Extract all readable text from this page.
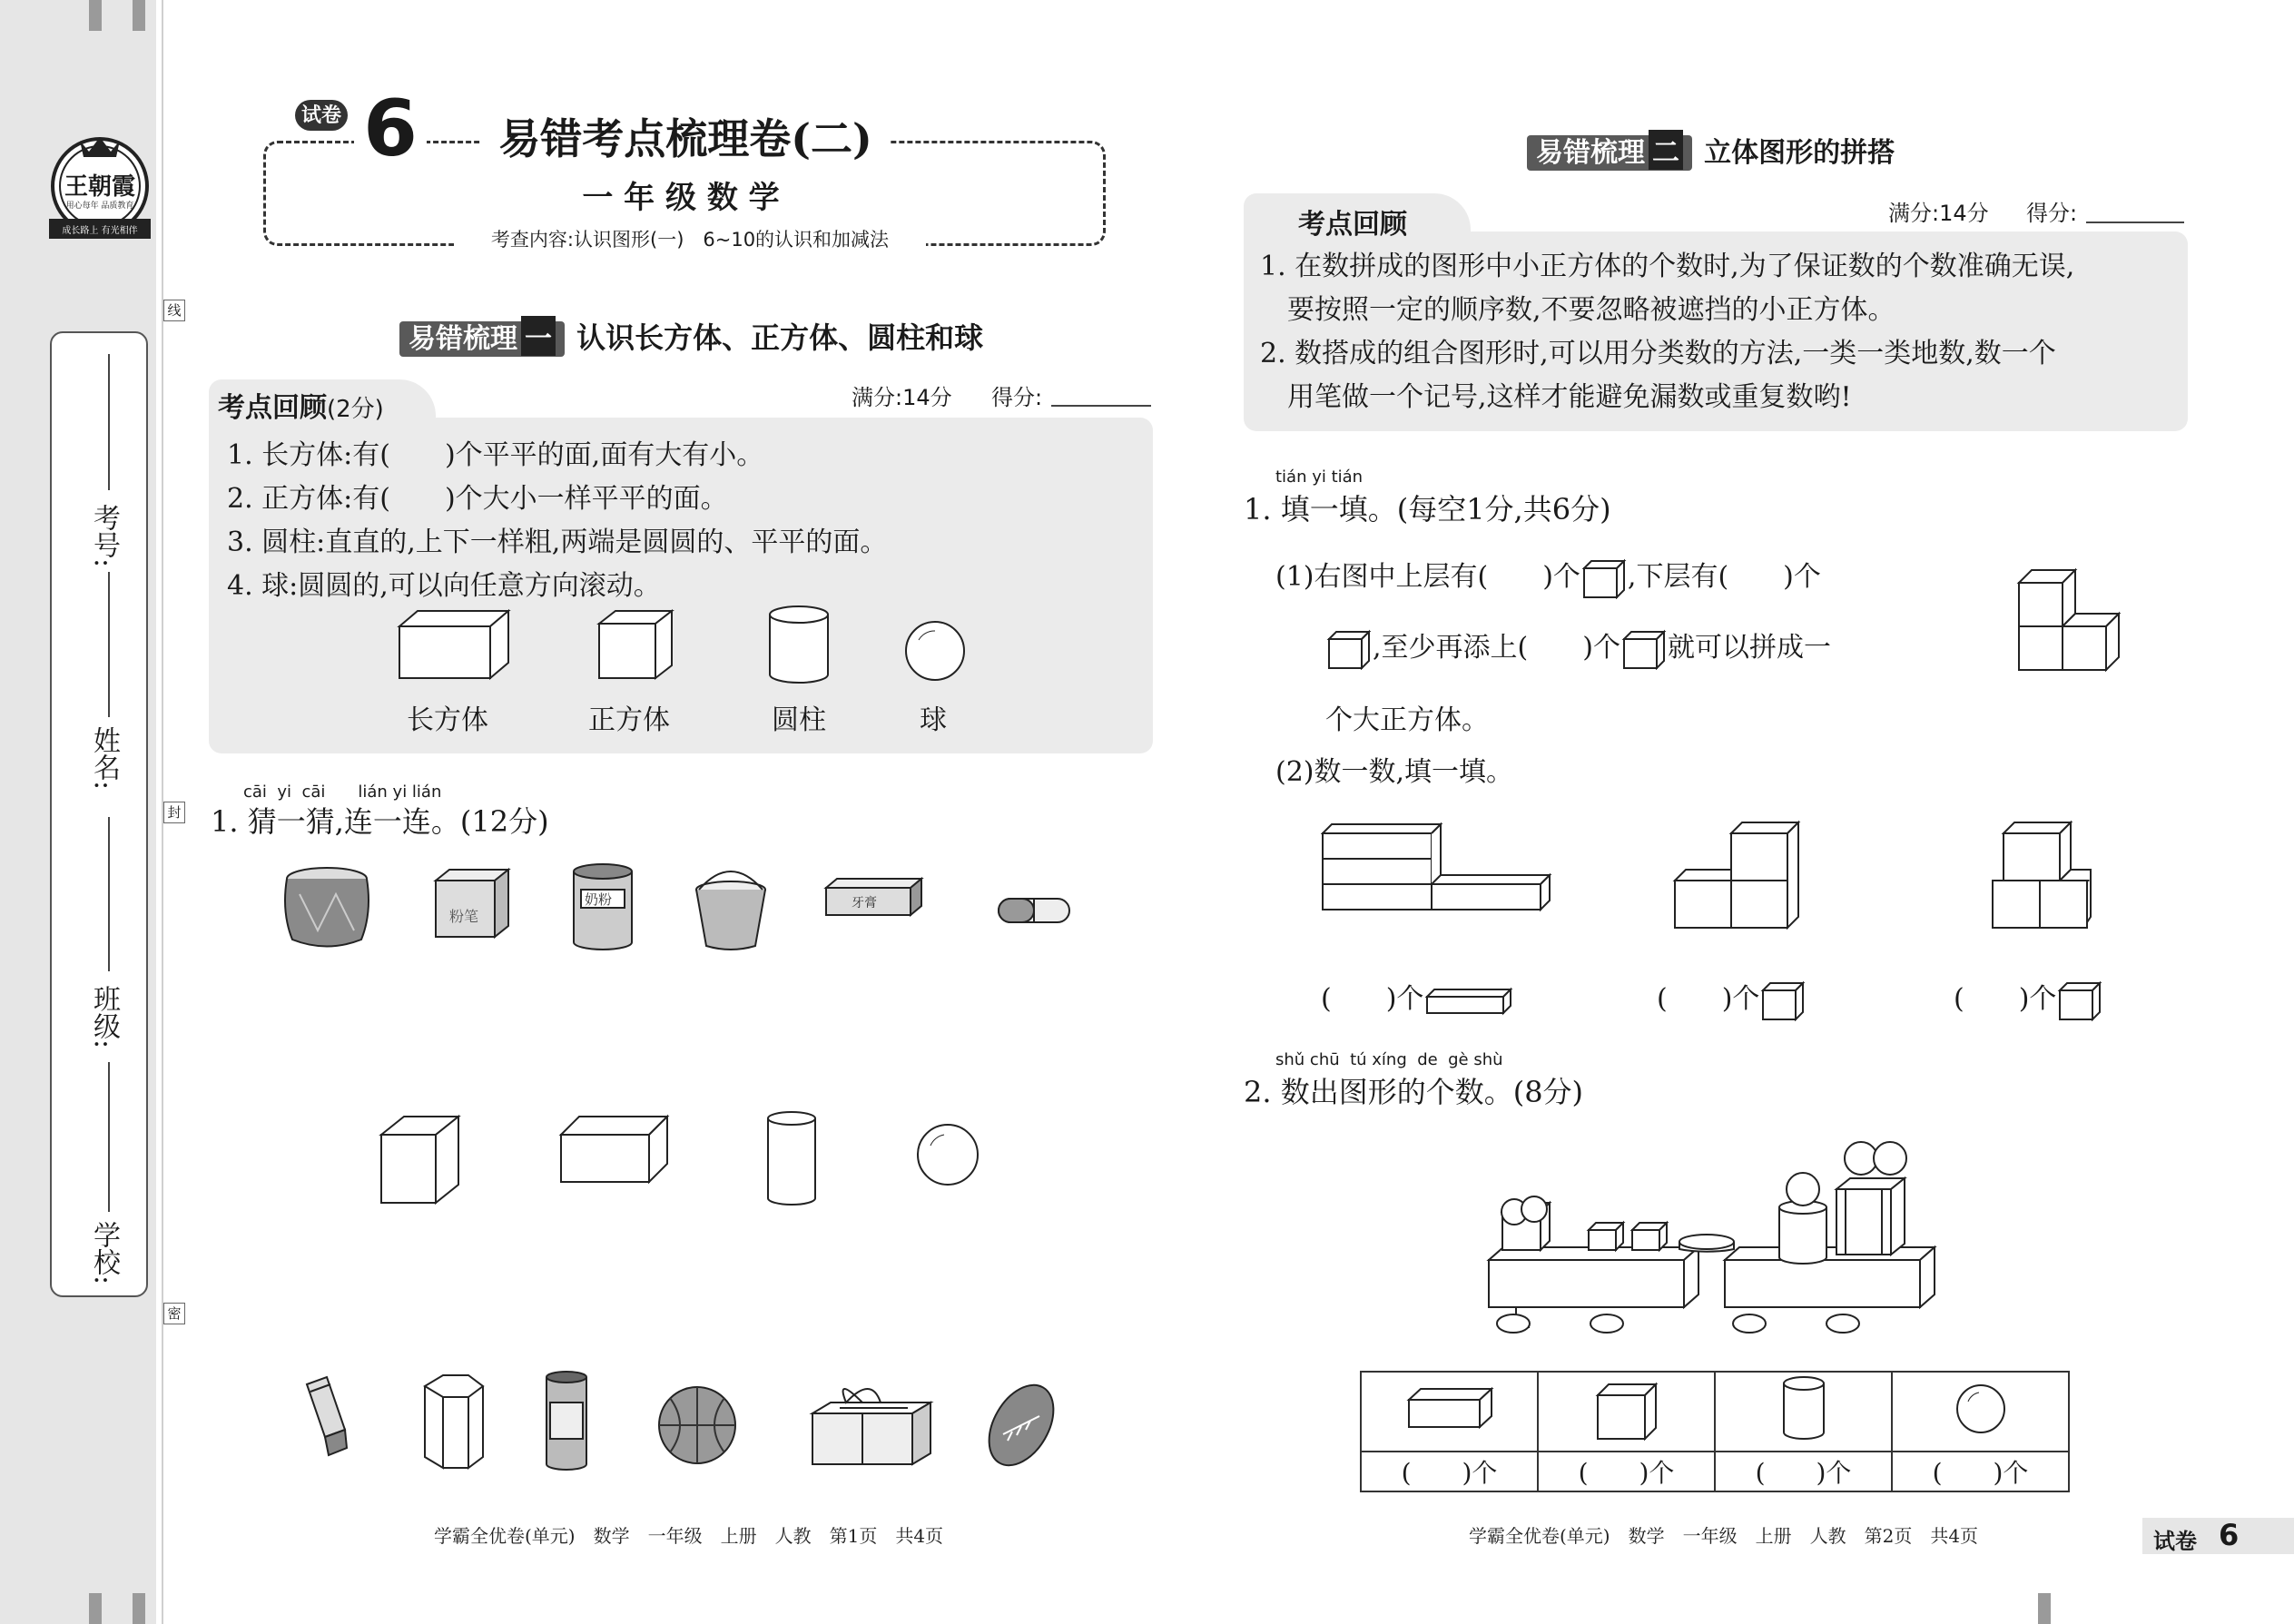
王朝霞
用心每年 品质教育
成长路上 有光相伴
考号:
姓名:
班级:
学校:
线
封
密
试卷 6	易错考点梳理卷(二)
一 年 级 数 学
考查内容:认识图形(一)　6~10的认识和加减法
易错梳理 一 认识长方体、正方体、圆柱和球
考点回顾(2分)	满分:14分 得分:
1. 长方体:有(　　)个平平的面,面有大有小。
2. 正方体:有(　　)个大小一样平平的面。
3. 圆柱:直直的,上下一样粗,两端是圆圆的、平平的面。
4. 球:圆圆的,可以向任意方向滚动。
长方体	正方体	圆柱	球
cāi  yi  cāi　　lián yi lián
1. 猜一猜,连一连。(12分)
粉笔
奶粉	牙膏
学霸全优卷(单元)　数学　一年级　上册　人教　第1页　共4页
易错梳理 二 立体图形的拼搭
考点回顾	满分:14分 得分:
1. 在数拼成的图形中小正方体的个数时,为了保证数的个数准确无误,
　要按照一定的顺序数,不要忽略被遮挡的小正方体。
2. 数搭成的组合图形时,可以用分类数的方法,一类一类地数,数一个
　用笔做一个记号,这样才能避免漏数或重复数哟!
tián yi tián
1. 填一填。(每空1分,共6分)
(1)右图中上层有(　　)个 ,下层有(　　)个
,至少再添上(　　)个 就可以拼成一
个大正方体。
(2)数一数,填一填。
(　　)个	(　　)个	(　　)个
shǔ chū  tú xíng  de  gè shù
2. 数出图形的个数。(8分)

(　　)个	(　　)个	(　　)个	(　　)个
学霸全优卷(单元)　数学　一年级　上册　人教　第2页　共4页	试卷 6
